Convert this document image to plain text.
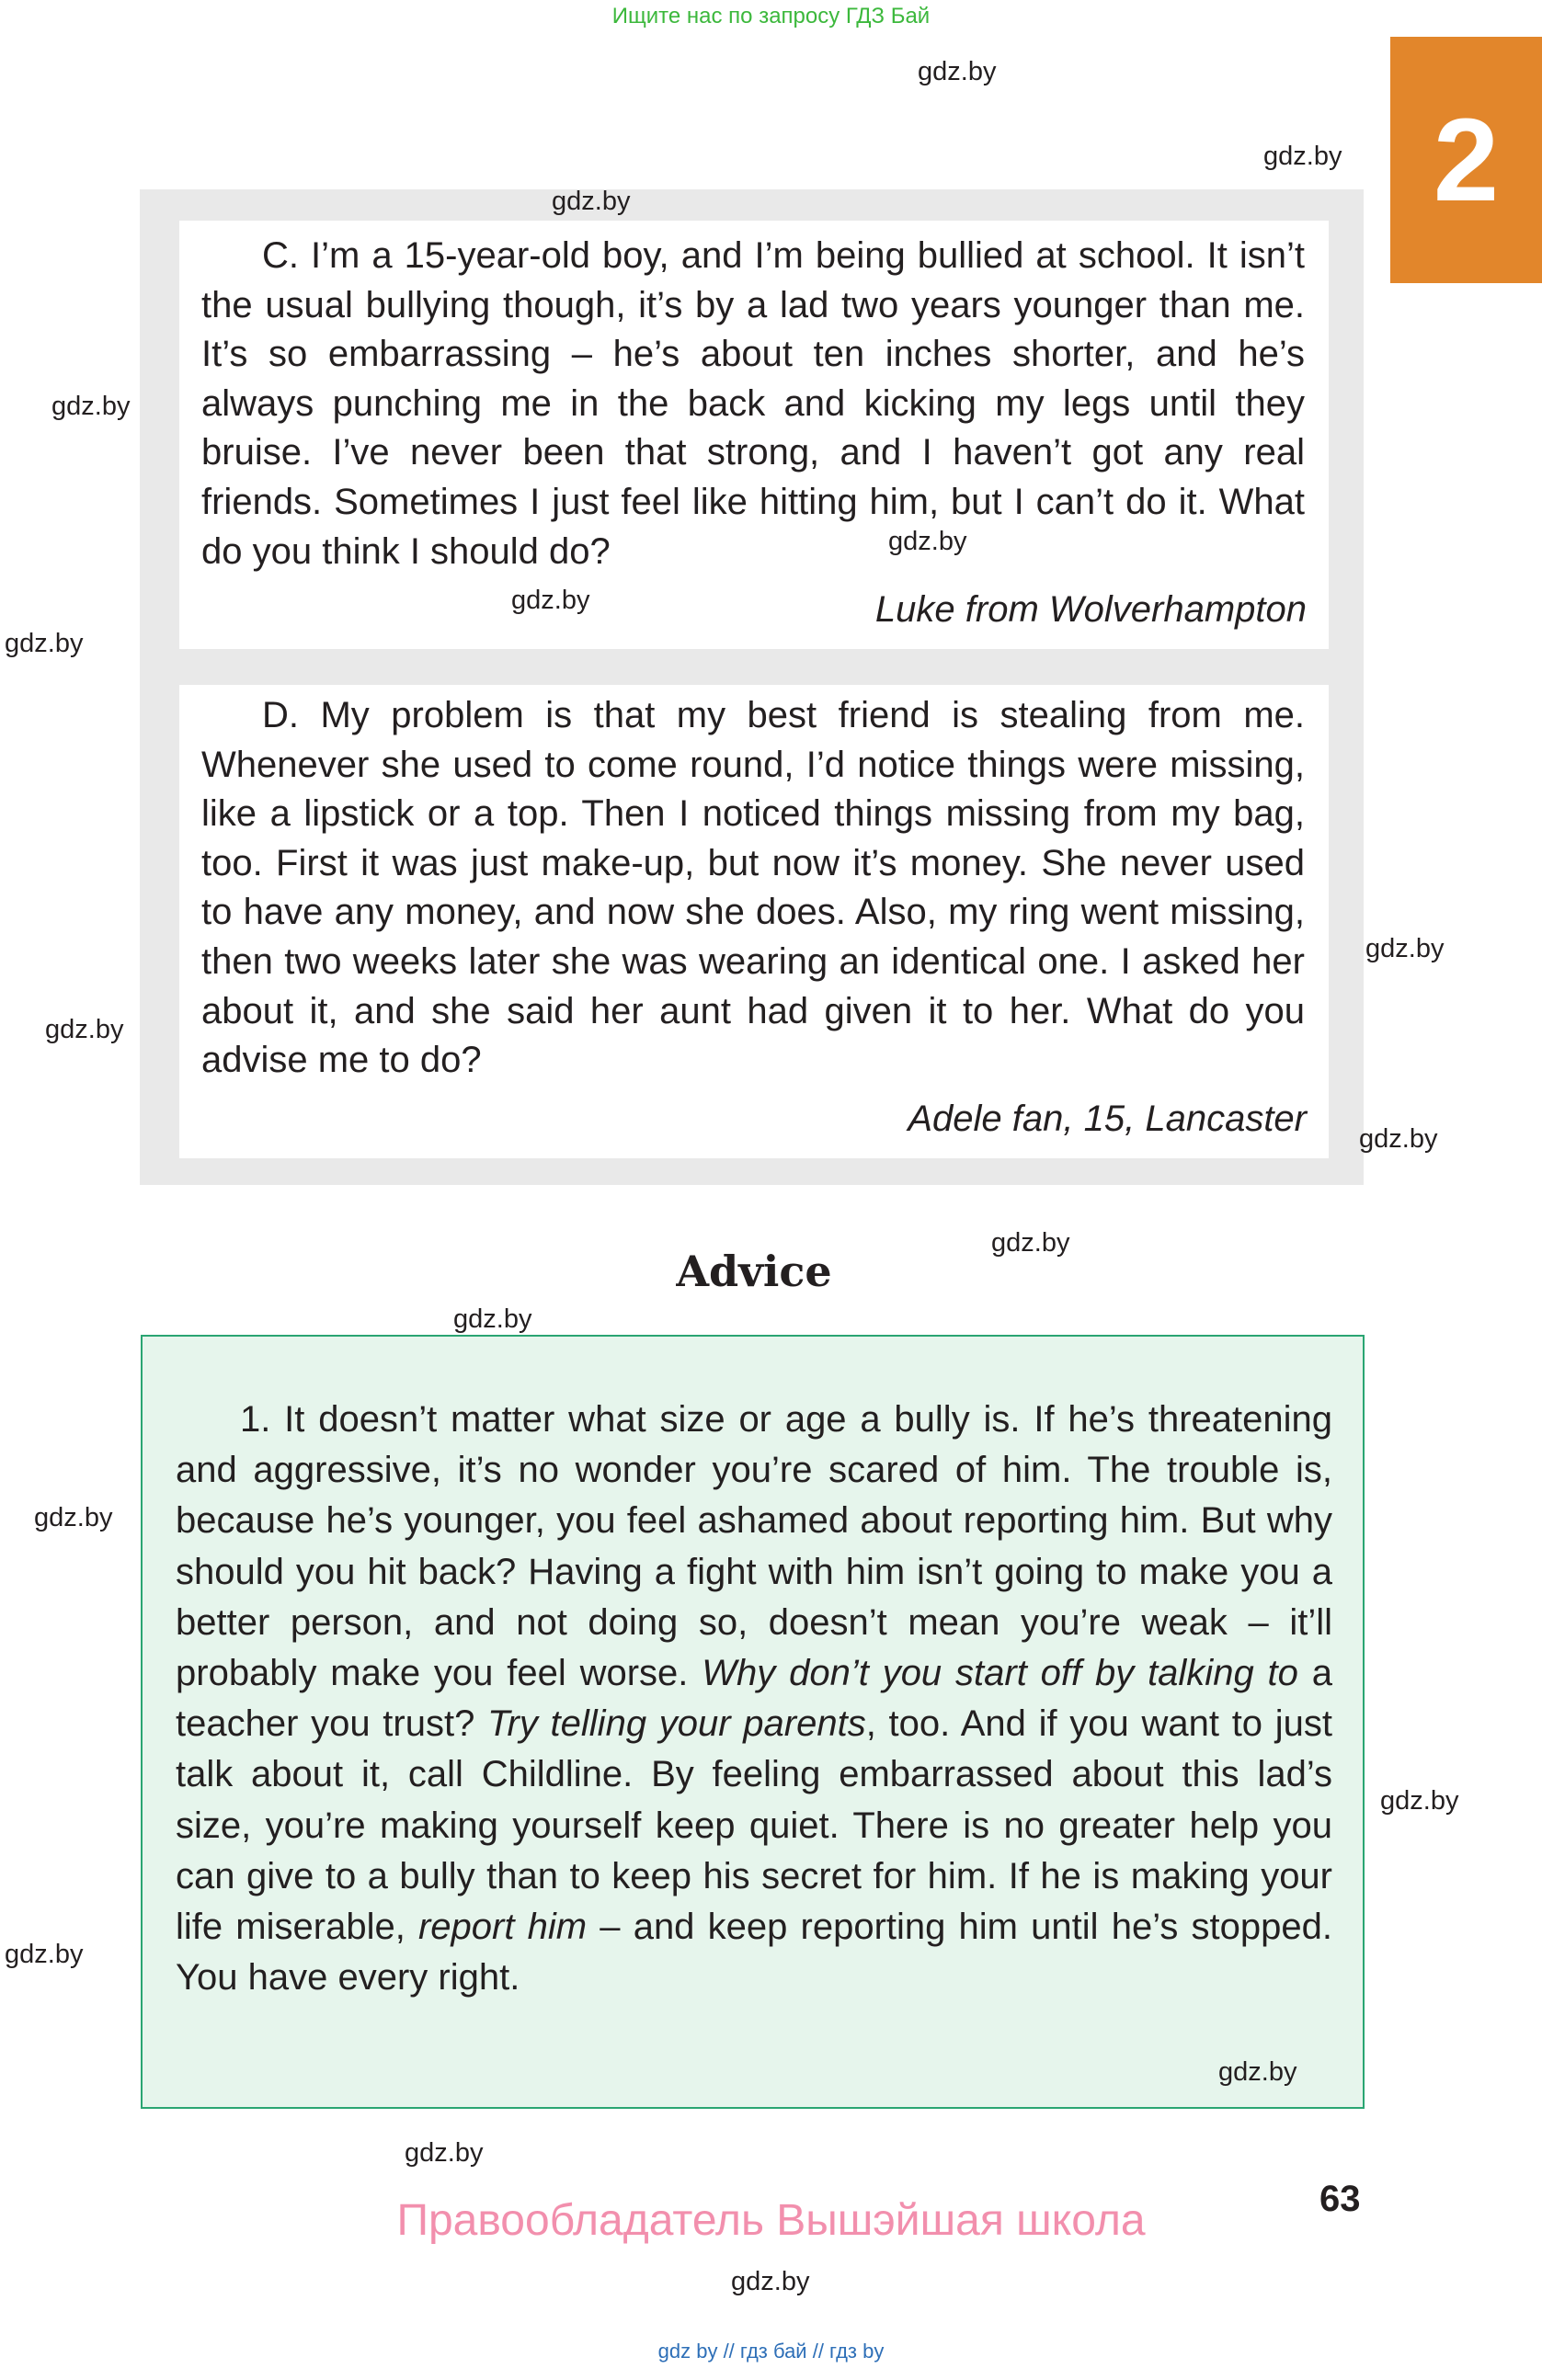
Ищите нас по запросу ГДЗ Бай
2
C. I’m a 15-year-old boy, and I’m being bullied at school. It isn’t the usual bullying though, it’s by a lad two years younger than me. It’s so embarrassing – he’s about ten inches shorter, and he’s always punching me in the back and kicking my legs until they bruise. I’ve never been that strong, and I haven’t got any real friends. Sometimes I just feel like hitting him, but I can’t do it. What do you think I should do?
Luke from Wolverhampton
D. My problem is that my best friend is stealing from me. Whenever she used to come round, I’d notice things were missing, like a lipstick or a top. Then I noticed things missing from my bag, too. First it was just make-up, but now it’s money. She never used to have any money, and now she does. Also, my ring went missing, then two weeks later she was wearing an identical one. I asked her about it, and she said her aunt had given it to her. What do you advise me to do?
Adele fan, 15, Lancaster
Advice
1. It doesn’t matter what size or age a bully is. If he’s threatening and aggressive, it’s no wonder you’re scared of him. The trouble is, because he’s younger, you feel ashamed about reporting him. But why should you hit back? Having a fight with him isn’t going to make you a better person, and not doing so, doesn’t mean you’re weak – it’ll probably make you feel worse. Why don’t you start off by talking to a teacher you trust? Try telling your parents, too. And if you want to just talk about it, call Childline. By feeling embarrassed about this lad’s size, you’re making yourself keep quiet. There is no greater help you can give to a bully than to keep his secret for him. If he is making your life miserable, report him – and keep reporting him until he’s stopped. You have every right.
gdz.by
gdz.by
gdz.by
gdz.by
gdz.by
gdz.by
gdz.by
gdz.by
gdz.by
gdz.by
gdz.by
gdz.by
gdz.by
gdz.by
gdz.by
gdz.by
gdz.by
gdz.by
63
Правообладатель Вышэйшая школа
gdz by // гдз бай // гдз by
